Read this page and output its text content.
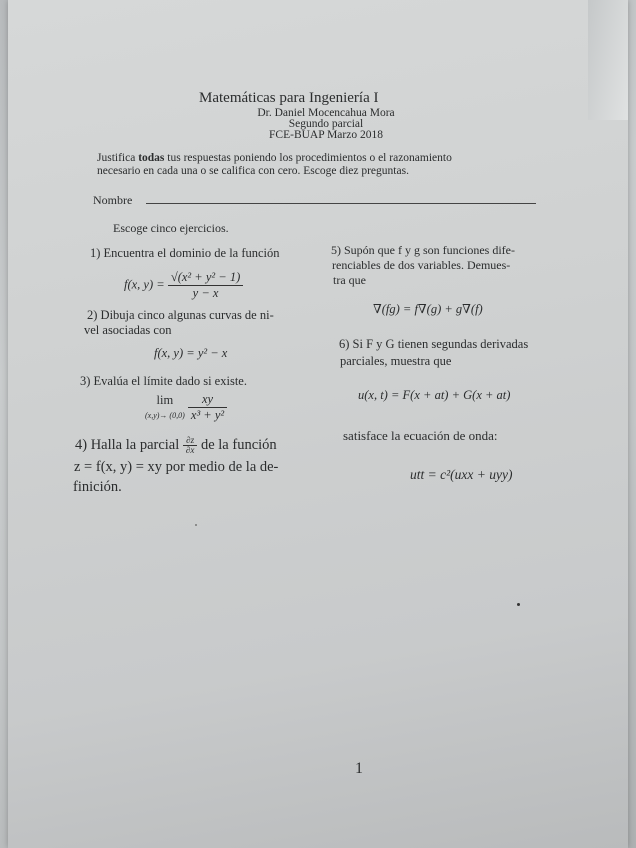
Matemáticas para Ingeniería I
Dr. Daniel Mocencahua Mora
Segundo parcial
FCE-BUAP Marzo 2018
Justifica todas tus respuestas poniendo los procedimientos o el razonamiento
necesario en cada una o se califica con cero. Escoge diez preguntas.
Nombre
Escoge cinco ejercicios.
1) Encuentra el dominio de la función
f(x, $y) = \frac{\text{√(x² + y² − 1)}}{y - x}$
2) Dibuja cinco algunas curvas de ni-
vel asociadas con
f(x, y) = y² − x
3) Evalúa el límite dado si existe.
lim
(x,y)→ (0,0)
$\frac{xy}{\text{x³ + y²}}$
4) Halla la parcial $\frac{\partial z}{\partial x}$ de la función
z = f(x, y) = xy por medio de la de-
finición.
5) Supón que f y g son funciones dife-
renciables de dos variables. Demues-
tra que
∇(fg) = f∇(g) + g∇(f)
6) Si F y G tienen segundas derivadas
parciales, muestra que
u(x, t) = F(x + at) + G(x + at)
satisface la ecuación de onda:
utt = c²(uxx + uyy)
1
